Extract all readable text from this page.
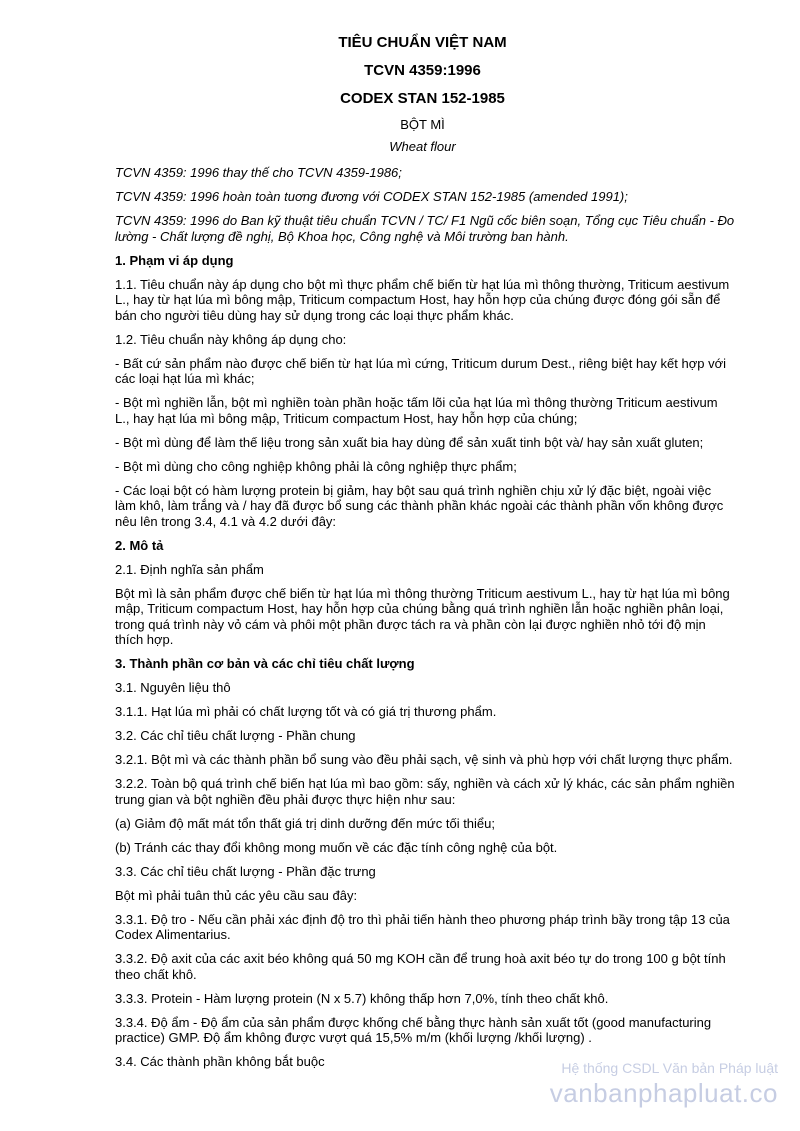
TIÊU CHUẨN VIỆT NAM
TCVN 4359:1996
CODEX STAN 152-1985
BỘT MÌ
Wheat flour

TCVN 4359: 1996 thay thế cho TCVN 4359-1986;

TCVN 4359: 1996 hoàn toàn tuơng đương với CODEX STAN 152-1985 (amended 1991);

TCVN 4359: 1996 do Ban kỹ thuật tiêu chuẩn TCVN / TC/ F1 Ngũ cốc biên soạn, Tổng cục Tiêu chuẩn - Đo lường - Chất lượng đề nghị, Bộ Khoa học, Công nghệ và Môi trường ban hành.

1. Phạm vi áp dụng

1.1. Tiêu chuẩn này áp dụng cho bột mì thực phẩm chế biến từ hạt lúa mì thông thường, Triticum aestivum L., hay từ hạt lúa mì bông mập, Triticum compactum Host, hay hỗn hợp của chúng được đóng gói sẵn để bán cho người tiêu dùng hay sử dụng trong các loại thực phẩm khác.

1.2. Tiêu chuẩn này không áp dụng cho:

- Bất cứ sản phẩm nào được chế biến từ hạt lúa mì cứng, Triticum durum Dest., riêng biệt hay kết hợp với các loại hạt lúa mì khác;

- Bột mì nghiền lẫn, bột mì nghiền toàn phần hoặc tấm lõi của hạt lúa mì thông thường Triticum aestivum L., hay hạt lúa mì bông mập, Triticum compactum Host, hay hỗn hợp của chúng;

- Bột mì dùng để làm thế liệu trong sản xuất bia hay dùng để sản xuất tinh bột và/ hay sản xuất gluten;

- Bột mì dùng cho công nghiệp không phải là công nghiệp thực phẩm;

- Các loại bột có hàm lượng protein bị giảm, hay bột sau quá trình nghiền chịu xử lý đặc biệt, ngoài việc làm khô, làm trắng và / hay đã được bổ sung các thành phần khác ngoài các thành phần vốn không được nêu lên trong 3.4, 4.1 và 4.2 dưới đây:

2. Mô tả

2.1. Định nghĩa sản phẩm

Bột mì là sản phẩm được chế biến từ hạt lúa mì thông thường Triticum aestivum L., hay từ hạt lúa mì bông mập, Triticum compactum Host, hay hỗn hợp của chúng bằng quá trình nghiền lẫn hoặc nghiền phân loại, trong quá trình này vỏ cám và phôi một phần được tách ra và phần còn lại được nghiền nhỏ tới độ mịn thích hợp.

3. Thành phần cơ bản và các chỉ tiêu chất lượng

3.1. Nguyên liệu thô

3.1.1. Hạt lúa mì phải có chất lượng tốt và có giá trị thương phẩm.

3.2. Các chỉ tiêu chất lượng - Phần chung

3.2.1. Bột mì và các thành phần bổ sung vào đều phải sạch, vệ sinh và phù hợp với chất lượng thực phẩm.

3.2.2. Toàn bộ quá trình chế biến hạt lúa mì bao gồm: sấy, nghiền và cách xử lý khác, các sản phẩm nghiền trung gian và bột nghiền đều phải được thực hiện như sau:

(a) Giảm độ mất mát tổn thất giá trị dinh dưỡng đến mức tối thiểu;

(b) Tránh các thay đổi không mong muốn về các đặc tính công nghệ của bột.

3.3. Các chỉ tiêu chất lượng - Phần đặc trưng

Bột mì phải tuân thủ các yêu cầu sau đây:

3.3.1. Độ tro - Nếu cần phải xác định độ tro thì phải tiến hành theo phương pháp trình bầy trong tập 13 của Codex Alimentarius.

3.3.2. Độ axit của các axit béo không quá 50 mg KOH cần để trung hoà axit béo tự do trong 100 g bột tính theo chất khô.

3.3.3. Protein - Hàm lượng protein (N x 5.7) không thấp hơn 7,0%, tính theo chất khô.

3.3.4. Độ ẩm - Độ ẩm của sản phẩm được khống chế bằng thực hành sản xuất tốt (good manufacturing practice) GMP. Độ ẩm không được vượt quá 15,5% m/m (khối lượng /khối lượng) .

3.4. Các thành phần không bắt buộc	Hệ thống CSDL Văn bản Pháp luật
vanbanphapluat.co
